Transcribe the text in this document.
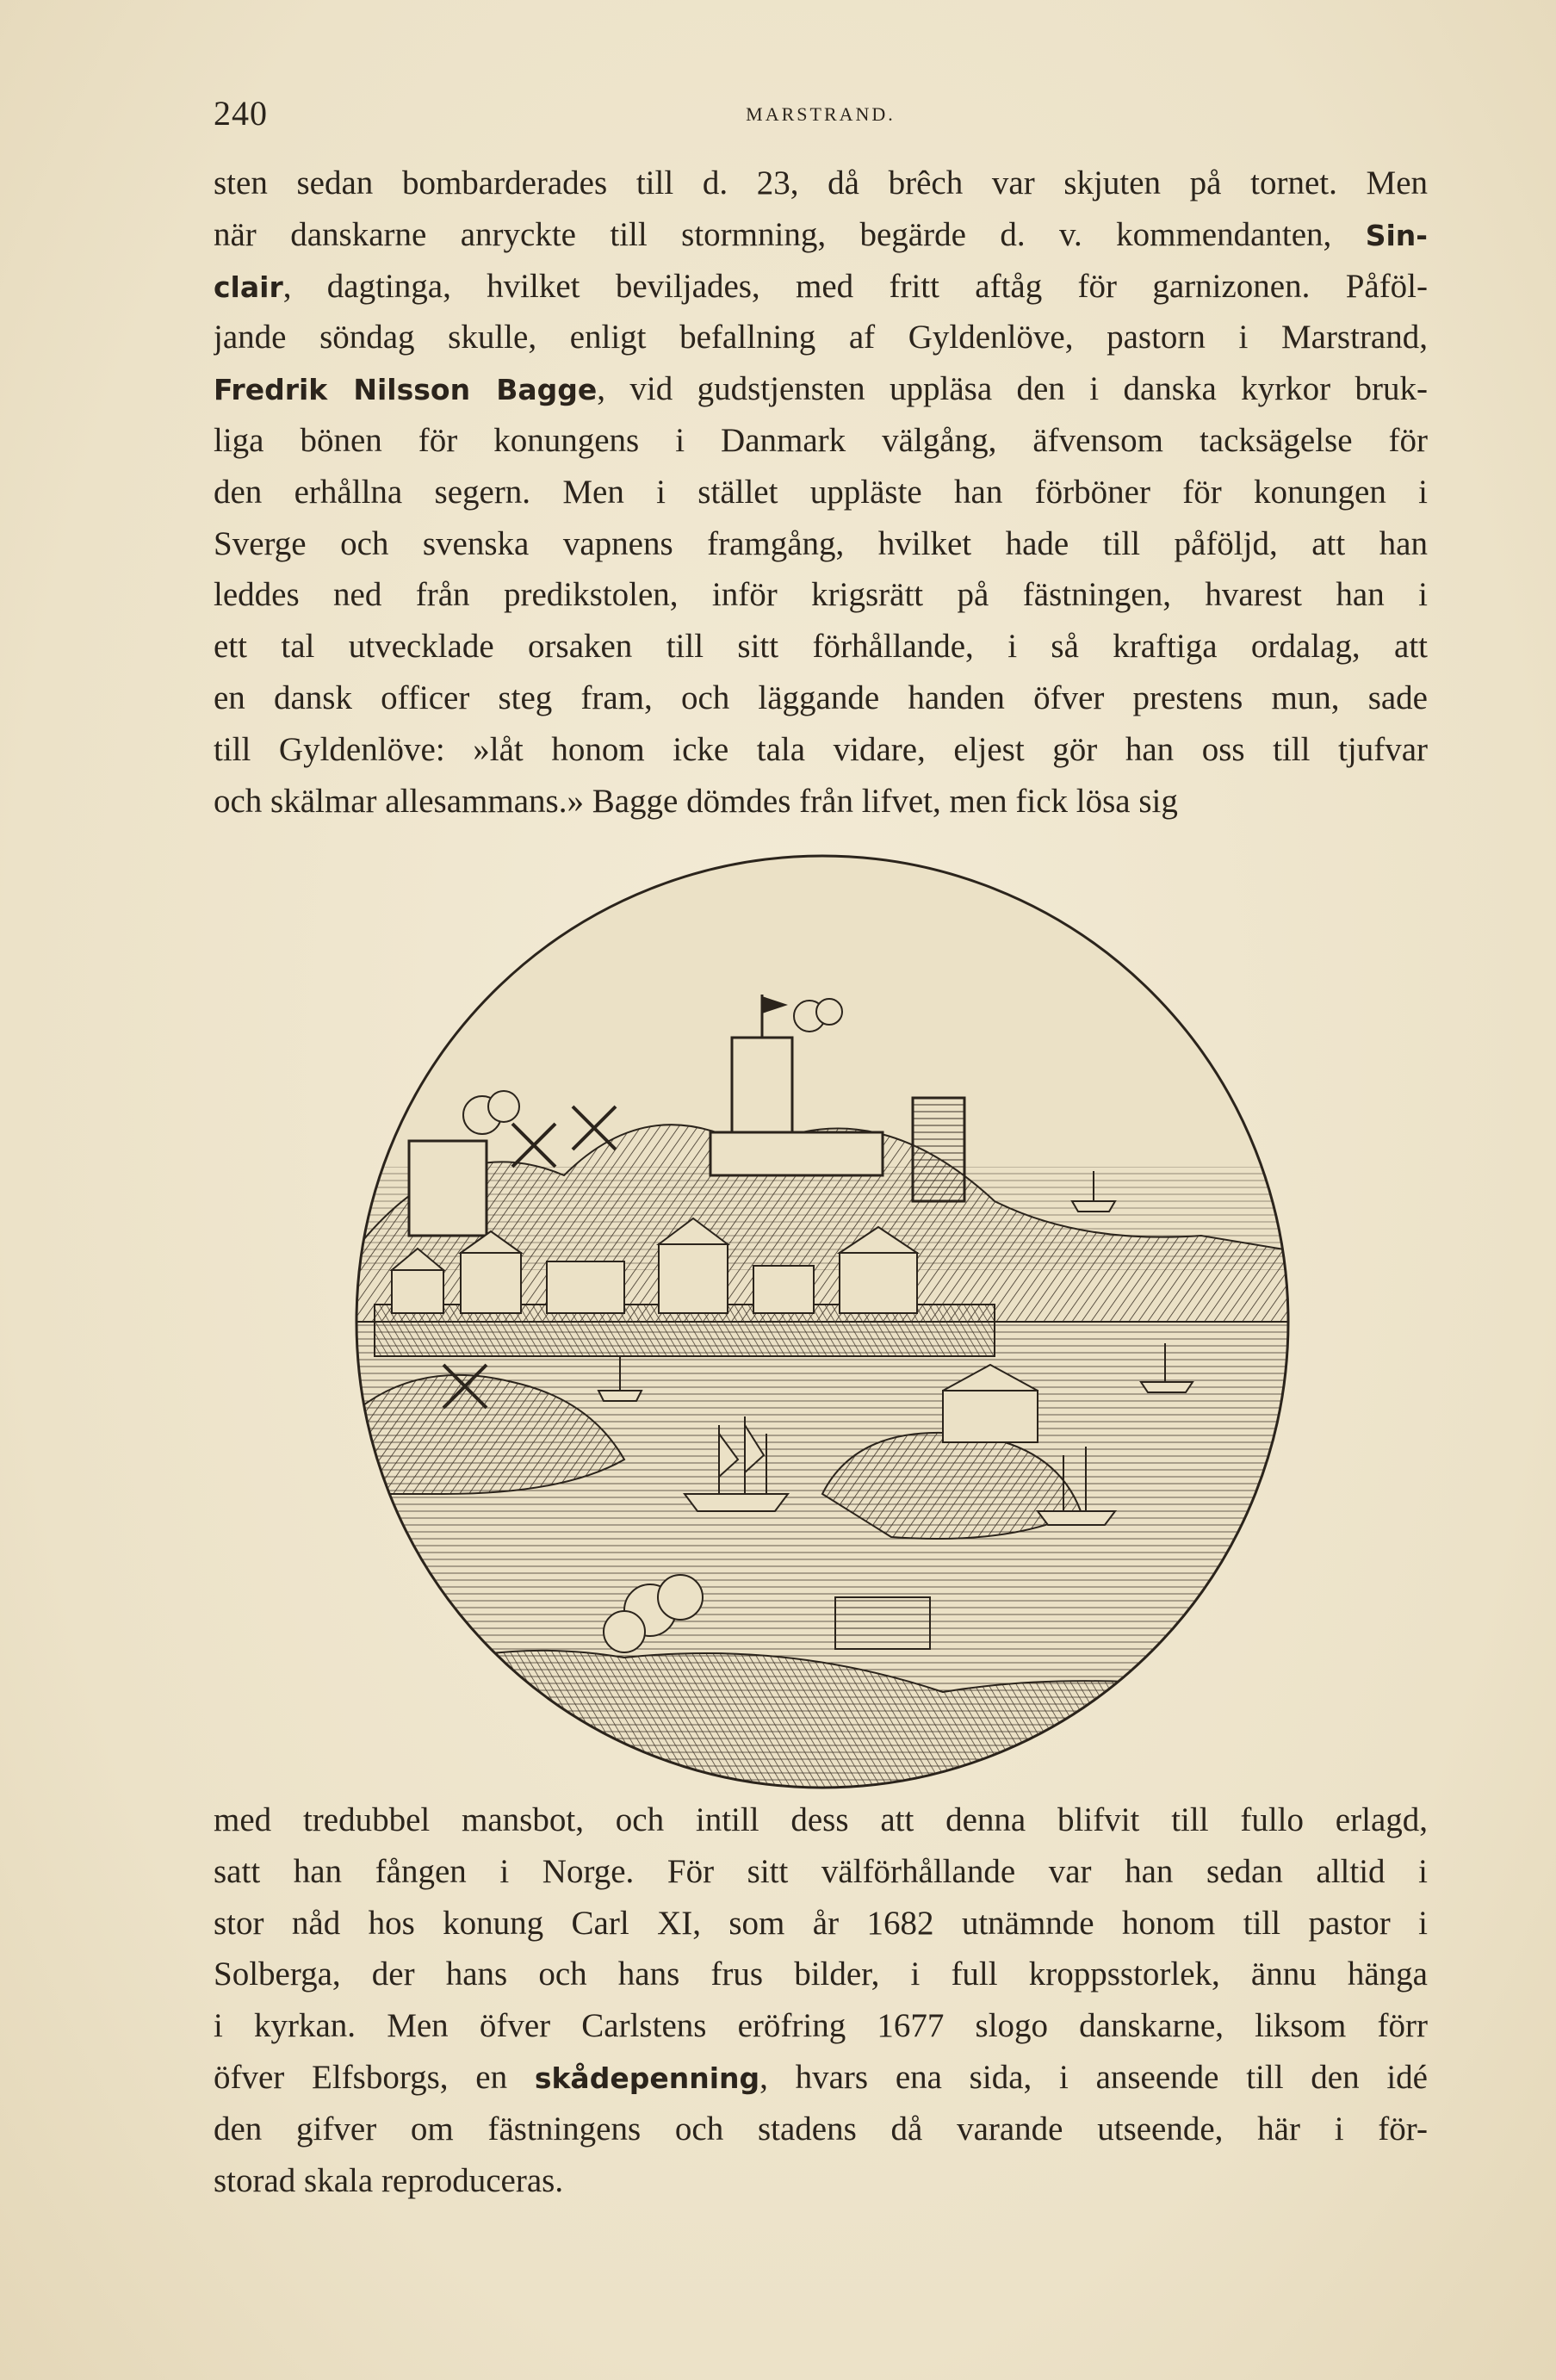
240	MARSTRAND.
sten sedan bombarderades till d. 23, då brêch var skjuten på tornet. Men
när danskarne anryckte till stormning, begärde d. v. kommendanten, Sin-
clair, dagtinga, hvilket beviljades, med fritt aftåg för garnizonen. Påföl-
jande söndag skulle, enligt befallning af Gyldenlöve, pastorn i Marstrand,
Fredrik Nilsson Bagge, vid gudstjensten uppläsa den i danska kyrkor bruk-
liga bönen för konungens i Danmark välgång, äfvensom tacksägelse för
den erhållna segern. Men i stället uppläste han förböner för konungen i
Sverge och svenska vapnens framgång, hvilket hade till påföljd, att han
leddes ned från predikstolen, inför krigsrätt på fästningen, hvarest han i
ett tal utvecklade orsaken till sitt förhållande, i så kraftiga ordalag, att
en dansk officer steg fram, och läggande handen öfver prestens mun, sade
till Gyldenlöve: »låt honom icke tala vidare, eljest gör han oss till tjufvar
och skälmar allesammans.» Bagge dömdes från lifvet, men fick lösa sig
med tredubbel mansbot, och intill dess att denna blifvit till fullo erlagd,
satt han fången i Norge. För sitt välförhållande var han sedan alltid i
stor nåd hos konung Carl XI, som år 1682 utnämnde honom till pastor i
Solberga, der hans och hans frus bilder, i full kroppsstorlek, ännu hänga
i kyrkan. Men öfver Carlstens eröfring 1677 slogo danskarne, liksom förr
öfver Elfsborgs, en skådepenning, hvars ena sida, i anseende till den idé
den gifver om fästningens och stadens då varande utseende, här i för-
storad skala reproduceras.
